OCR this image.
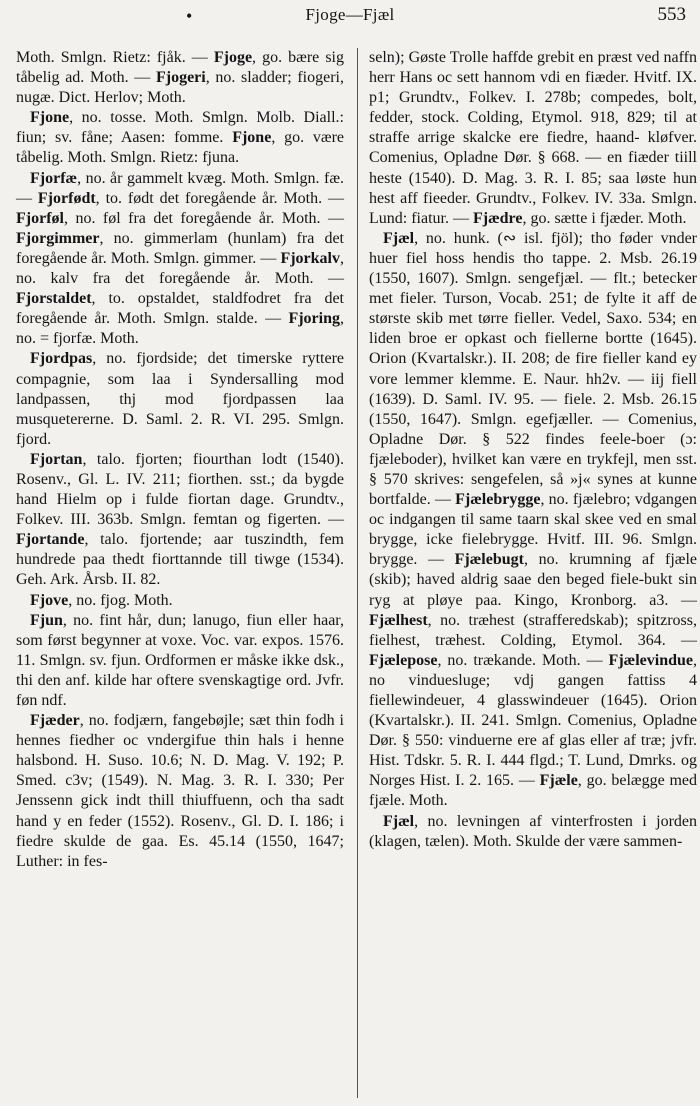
•	Fjoge—Fjæl	553

Moth. Smlgn. Rietz: fjåk. — Fjoge, go. bære sig tåbelig ad. Moth. — Fjogeri, no. sladder; fiogeri, nugæ. Dict. Herlov; Moth.

Fjone, no. tosse. Moth. Smlgn. Molb. Diall.: fiun; sv. fåne; Aasen: fomme. Fjone, go. være tåbelig. Moth. Smlgn. Rietz: fjuna.

Fjorfæ, no. år gammelt kvæg. Moth. Smlgn. fæ. — Fjorfødt, to. født det foregående år. Moth. — Fjorføl, no. føl fra det foregående år. Moth. — Fjorgimmer, no. gimmerlam (hunlam) fra det foregående år. Moth. Smlgn. gimmer. — Fjorkalv, no. kalv fra det foregående år. Moth. — Fjorstaldet, to. opstaldet, staldfodret fra det foregående år. Moth. Smlgn. stalde. — Fjoring, no. = fjorfæ. Moth.

Fjordpas, no. fjordside; det timerske ryttere compagnie, som laa i Syndersalling mod landpassen, thj mod fjordpassen laa musquetererne. D. Saml. 2. R. VI. 295. Smlgn. fjord.

Fjortan, talo. fjorten; fiourthan lodt (1540). Rosenv., Gl. L. IV. 211; fiorthen. sst.; da bygde hand Hielm op i fulde fiortan dage. Grundtv., Folkev. III. 363b. Smlgn. femtan og figerten. — Fjortande, talo. fjortende; aar tuszindth, fem hundrede paa thedt fiorttannde till tiwge (1534). Geh. Ark. Årsb. II. 82.

Fjove, no. fjog. Moth.

Fjun, no. fint hår, dun; lanugo, fiun eller haar, som først begynner at voxe. Voc. var. expos. 1576. 11. Smlgn. sv. fjun. Ordformen er måske ikke dsk., thi den anf. kilde har oftere svenskagtige ord. Jvfr. føn ndf.

Fjæder, no. fodjærn, fangebøjle; sæt thin fodh i hennes fiedher oc vndergifue thin hals i henne halsbond. H. Suso. 10.6; N. D. Mag. V. 192; P. Smed. c3v; (1549). N. Mag. 3. R. I. 330; Per Jenssenn gick indt thill thiuffuenn, och tha sadt hand y en feder (1552). Rosenv., Gl. D. I. 186; i fiedre skulde de gaa. Es. 45.14 (1550, 1647; Luther: in fes-

seln); Gøste Trolle haffde grebit en præst ved naffn herr Hans oc sett hannom vdi en fiæder. Hvitf. IX. p1; Grundtv., Folkev. I. 278b; compedes, bolt, fedder, stock. Colding, Etymol. 918, 829; til at straffe arrige skalcke ere fiedre, haand- kløfver. Comenius, Opladne Dør. § 668. — en fiæder tiill heste (1540). D. Mag. 3. R. I. 85; saa løste hun hest aff fieeder. Grundtv., Folkev. IV. 33a. Smlgn. Lund: fiatur. — Fjædre, go. sætte i fjæder. Moth.

Fjæl, no. hunk. (∾ isl. fjöl); tho føder vnder huer fiel hoss hendis tho tappe. 2. Msb. 26.19 (1550, 1607). Smlgn. sengefjæl. — flt.; betecker met fieler. Turson, Vocab. 251; de fylte it aff de største skib met tørre fieller. Vedel, Saxo. 534; en liden broe er opkast och fiellerne bortte (1645). Orion (Kvartalskr.). II. 208; de fire fieller kand ey vore lemmer klemme. E. Naur. hh2v. — iij fiell (1639). D. Saml. IV. 95. — fiele. 2. Msb. 26.15 (1550, 1647). Smlgn. egefjæller. — Comenius, Opladne Dør. § 522 findes feele-boer (ɔ: fjæleboder), hvilket kan være en trykfejl, men sst. § 570 skrives: sengefelen, så »j« synes at kunne bortfalde. — Fjælebrygge, no. fjælebro; vdgangen oc indgangen til same taarn skal skee ved en smal brygge, icke fielebrygge. Hvitf. III. 96. Smlgn. brygge. — Fjælebugt, no. krumning af fjæle (skib); haved aldrig saae den beged fiele-bukt sin ryg at pløye paa. Kingo, Kronborg. a3. — Fjælhest, no. træhest (strafferedskab); spitzross, fielhest, træhest. Colding, Etymol. 364. — Fjælepose, no. trækande. Moth. — Fjælevindue, no vinduesluge; vdj gangen fattiss 4 fiellewindeuer, 4 glasswindeuer (1645). Orion (Kvartalskr.). II. 241. Smlgn. Comenius, Opladne Dør. § 550: vinduerne ere af glas eller af træ; jvfr. Hist. Tdskr. 5. R. I. 444 flgd.; T. Lund, Dmrks. og Norges Hist. I. 2. 165. — Fjæle, go. belægge med fjæle. Moth.

Fjæl, no. levningen af vinterfrosten i jorden (klagen, tælen). Moth. Skulde der være sammen-
